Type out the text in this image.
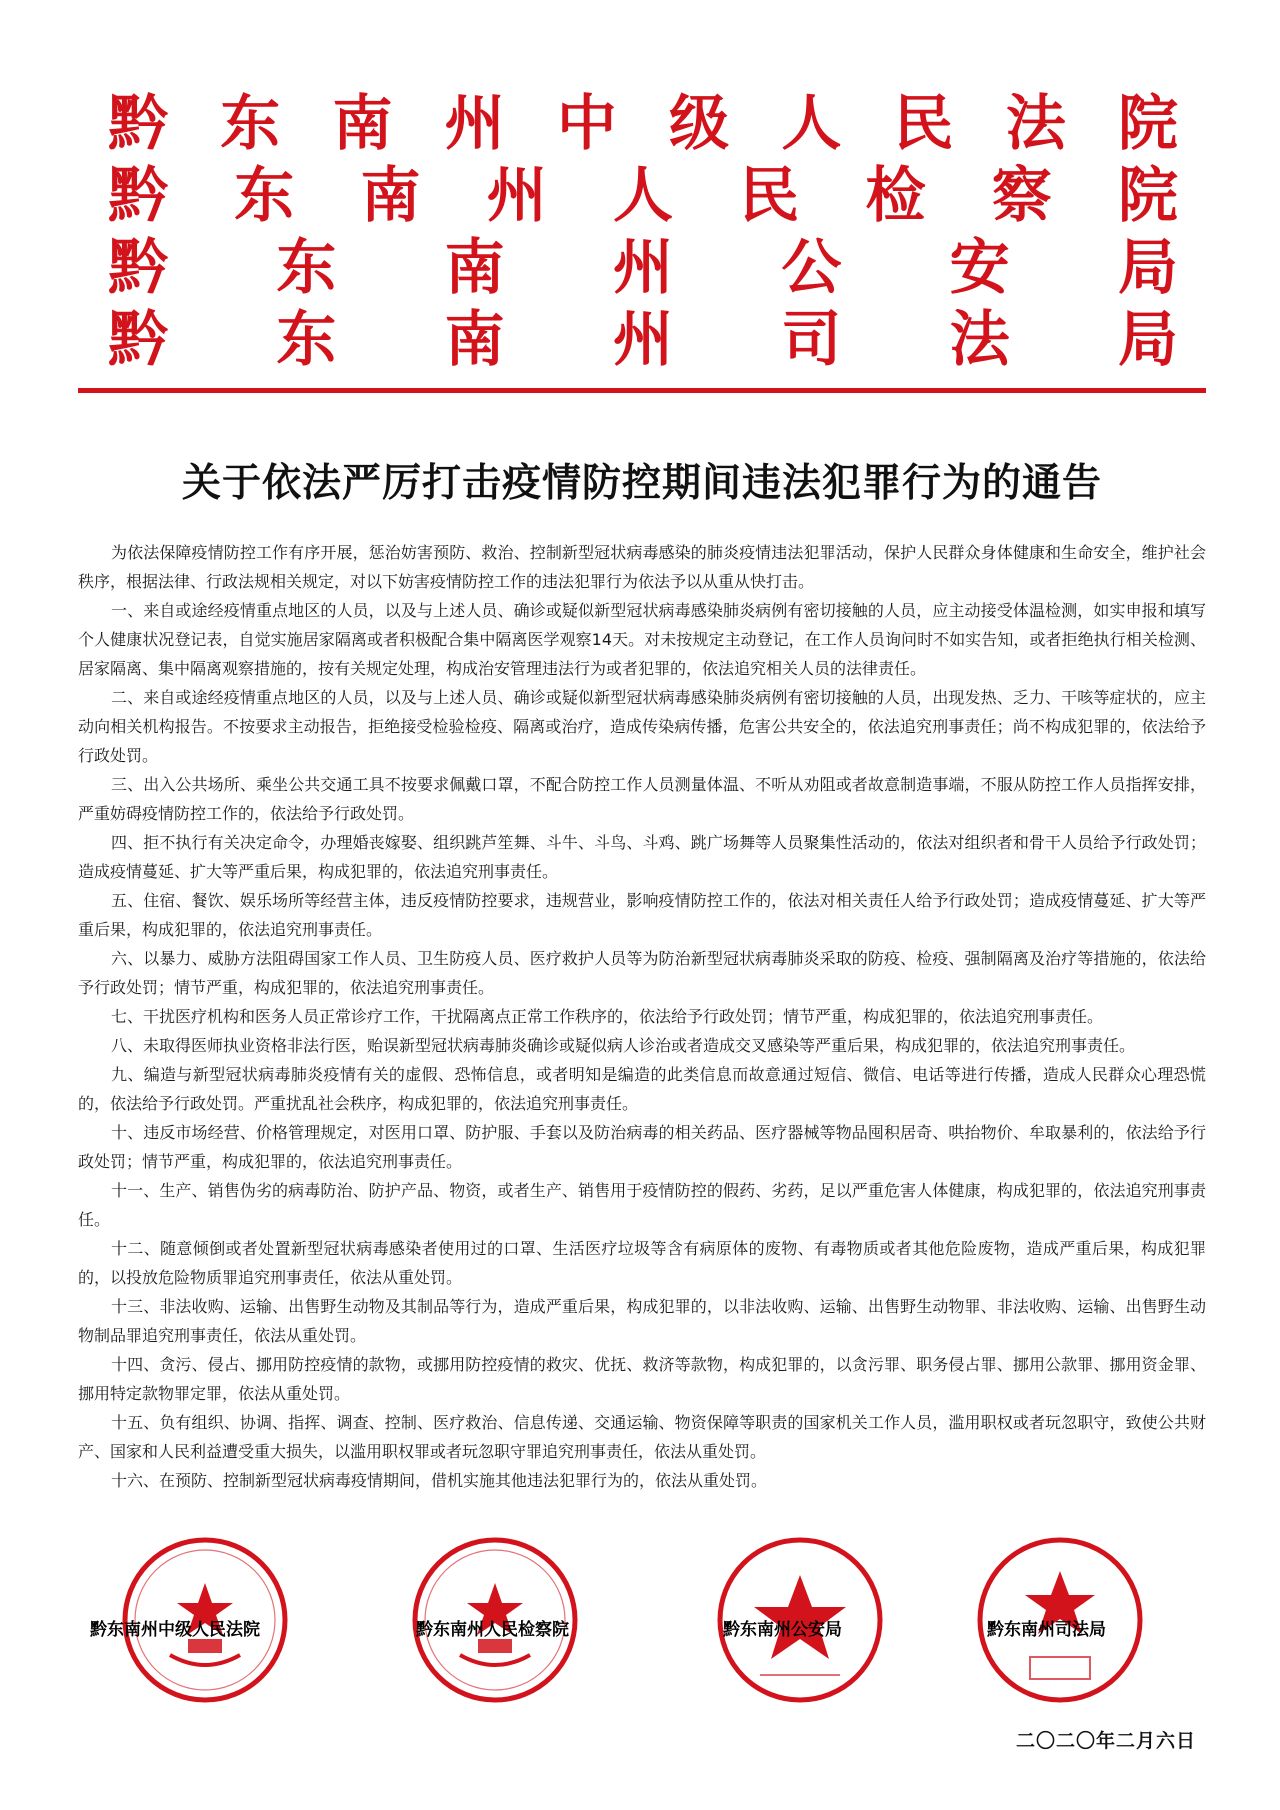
黔 东 南 州 中 级 人 民 法 院
黔 东 南 州 人 民 检 察 院
黔 东 南 州 公 安 局
黔 东 南 州 司 法 局
关于依法严厉打击疫情防控期间违法犯罪行为的通告

为依法保障疫情防控工作有序开展，惩治妨害预防、救治、控制新型冠状病毒感染的肺炎疫情违法犯罪活动，保护人民群众身体健康和生命安全，维护社会秩序，根据法律、行政法规相关规定，对以下妨害疫情防控工作的违法犯罪行为依法予以从重从快打击。

一、来自或途经疫情重点地区的人员，以及与上述人员、确诊或疑似新型冠状病毒感染肺炎病例有密切接触的人员，应主动接受体温检测，如实申报和填写个人健康状况登记表，自觉实施居家隔离或者积极配合集中隔离医学观察14天。对未按规定主动登记，在工作人员询问时不如实告知，或者拒绝执行相关检测、居家隔离、集中隔离观察措施的，按有关规定处理，构成治安管理违法行为或者犯罪的，依法追究相关人员的法律责任。

二、来自或途经疫情重点地区的人员，以及与上述人员、确诊或疑似新型冠状病毒感染肺炎病例有密切接触的人员，出现发热、乏力、干咳等症状的，应主动向相关机构报告。不按要求主动报告，拒绝接受检验检疫、隔离或治疗，造成传染病传播，危害公共安全的，依法追究刑事责任；尚不构成犯罪的，依法给予行政处罚。

三、出入公共场所、乘坐公共交通工具不按要求佩戴口罩，不配合防控工作人员测量体温、不听从劝阻或者故意制造事端，不服从防控工作人员指挥安排，严重妨碍疫情防控工作的，依法给予行政处罚。

四、拒不执行有关决定命令，办理婚丧嫁娶、组织跳芦笙舞、斗牛、斗鸟、斗鸡、跳广场舞等人员聚集性活动的，依法对组织者和骨干人员给予行政处罚；造成疫情蔓延、扩大等严重后果，构成犯罪的，依法追究刑事责任。

五、住宿、餐饮、娱乐场所等经营主体，违反疫情防控要求，违规营业，影响疫情防控工作的，依法对相关责任人给予行政处罚；造成疫情蔓延、扩大等严重后果，构成犯罪的，依法追究刑事责任。

六、以暴力、威胁方法阻碍国家工作人员、卫生防疫人员、医疗救护人员等为防治新型冠状病毒肺炎采取的防疫、检疫、强制隔离及治疗等措施的，依法给予行政处罚；情节严重，构成犯罪的，依法追究刑事责任。

七、干扰医疗机构和医务人员正常诊疗工作，干扰隔离点正常工作秩序的，依法给予行政处罚；情节严重，构成犯罪的，依法追究刑事责任。

八、未取得医师执业资格非法行医，贻误新型冠状病毒肺炎确诊或疑似病人诊治或者造成交叉感染等严重后果，构成犯罪的，依法追究刑事责任。

九、编造与新型冠状病毒肺炎疫情有关的虚假、恐怖信息，或者明知是编造的此类信息而故意通过短信、微信、电话等进行传播，造成人民群众心理恐慌的，依法给予行政处罚。严重扰乱社会秩序，构成犯罪的，依法追究刑事责任。

十、违反市场经营、价格管理规定，对医用口罩、防护服、手套以及防治病毒的相关药品、医疗器械等物品囤积居奇、哄抬物价、牟取暴利的，依法给予行政处罚；情节严重，构成犯罪的，依法追究刑事责任。

十一、生产、销售伪劣的病毒防治、防护产品、物资，或者生产、销售用于疫情防控的假药、劣药，足以严重危害人体健康，构成犯罪的，依法追究刑事责任。

十二、随意倾倒或者处置新型冠状病毒感染者使用过的口罩、生活医疗垃圾等含有病原体的废物、有毒物质或者其他危险废物，造成严重后果，构成犯罪的，以投放危险物质罪追究刑事责任，依法从重处罚。

十三、非法收购、运输、出售野生动物及其制品等行为，造成严重后果，构成犯罪的，以非法收购、运输、出售野生动物罪、非法收购、运输、出售野生动物制品罪追究刑事责任，依法从重处罚。

十四、贪污、侵占、挪用防控疫情的款物，或挪用防控疫情的救灾、优抚、救济等款物，构成犯罪的，以贪污罪、职务侵占罪、挪用公款罪、挪用资金罪、挪用特定款物罪定罪，依法从重处罚。

十五、负有组织、协调、指挥、调查、控制、医疗救治、信息传递、交通运输、物资保障等职责的国家机关工作人员，滥用职权或者玩忽职守，致使公共财产、国家和人民利益遭受重大损失，以滥用职权罪或者玩忽职守罪追究刑事责任，依法从重处罚。

十六、在预防、控制新型冠状病毒疫情期间，借机实施其他违法犯罪行为的，依法从重处罚。

黔东南州中级人民法院	黔东南州人民检察院	黔东南州公安局	黔东南州司法局
二〇二〇年二月六日
